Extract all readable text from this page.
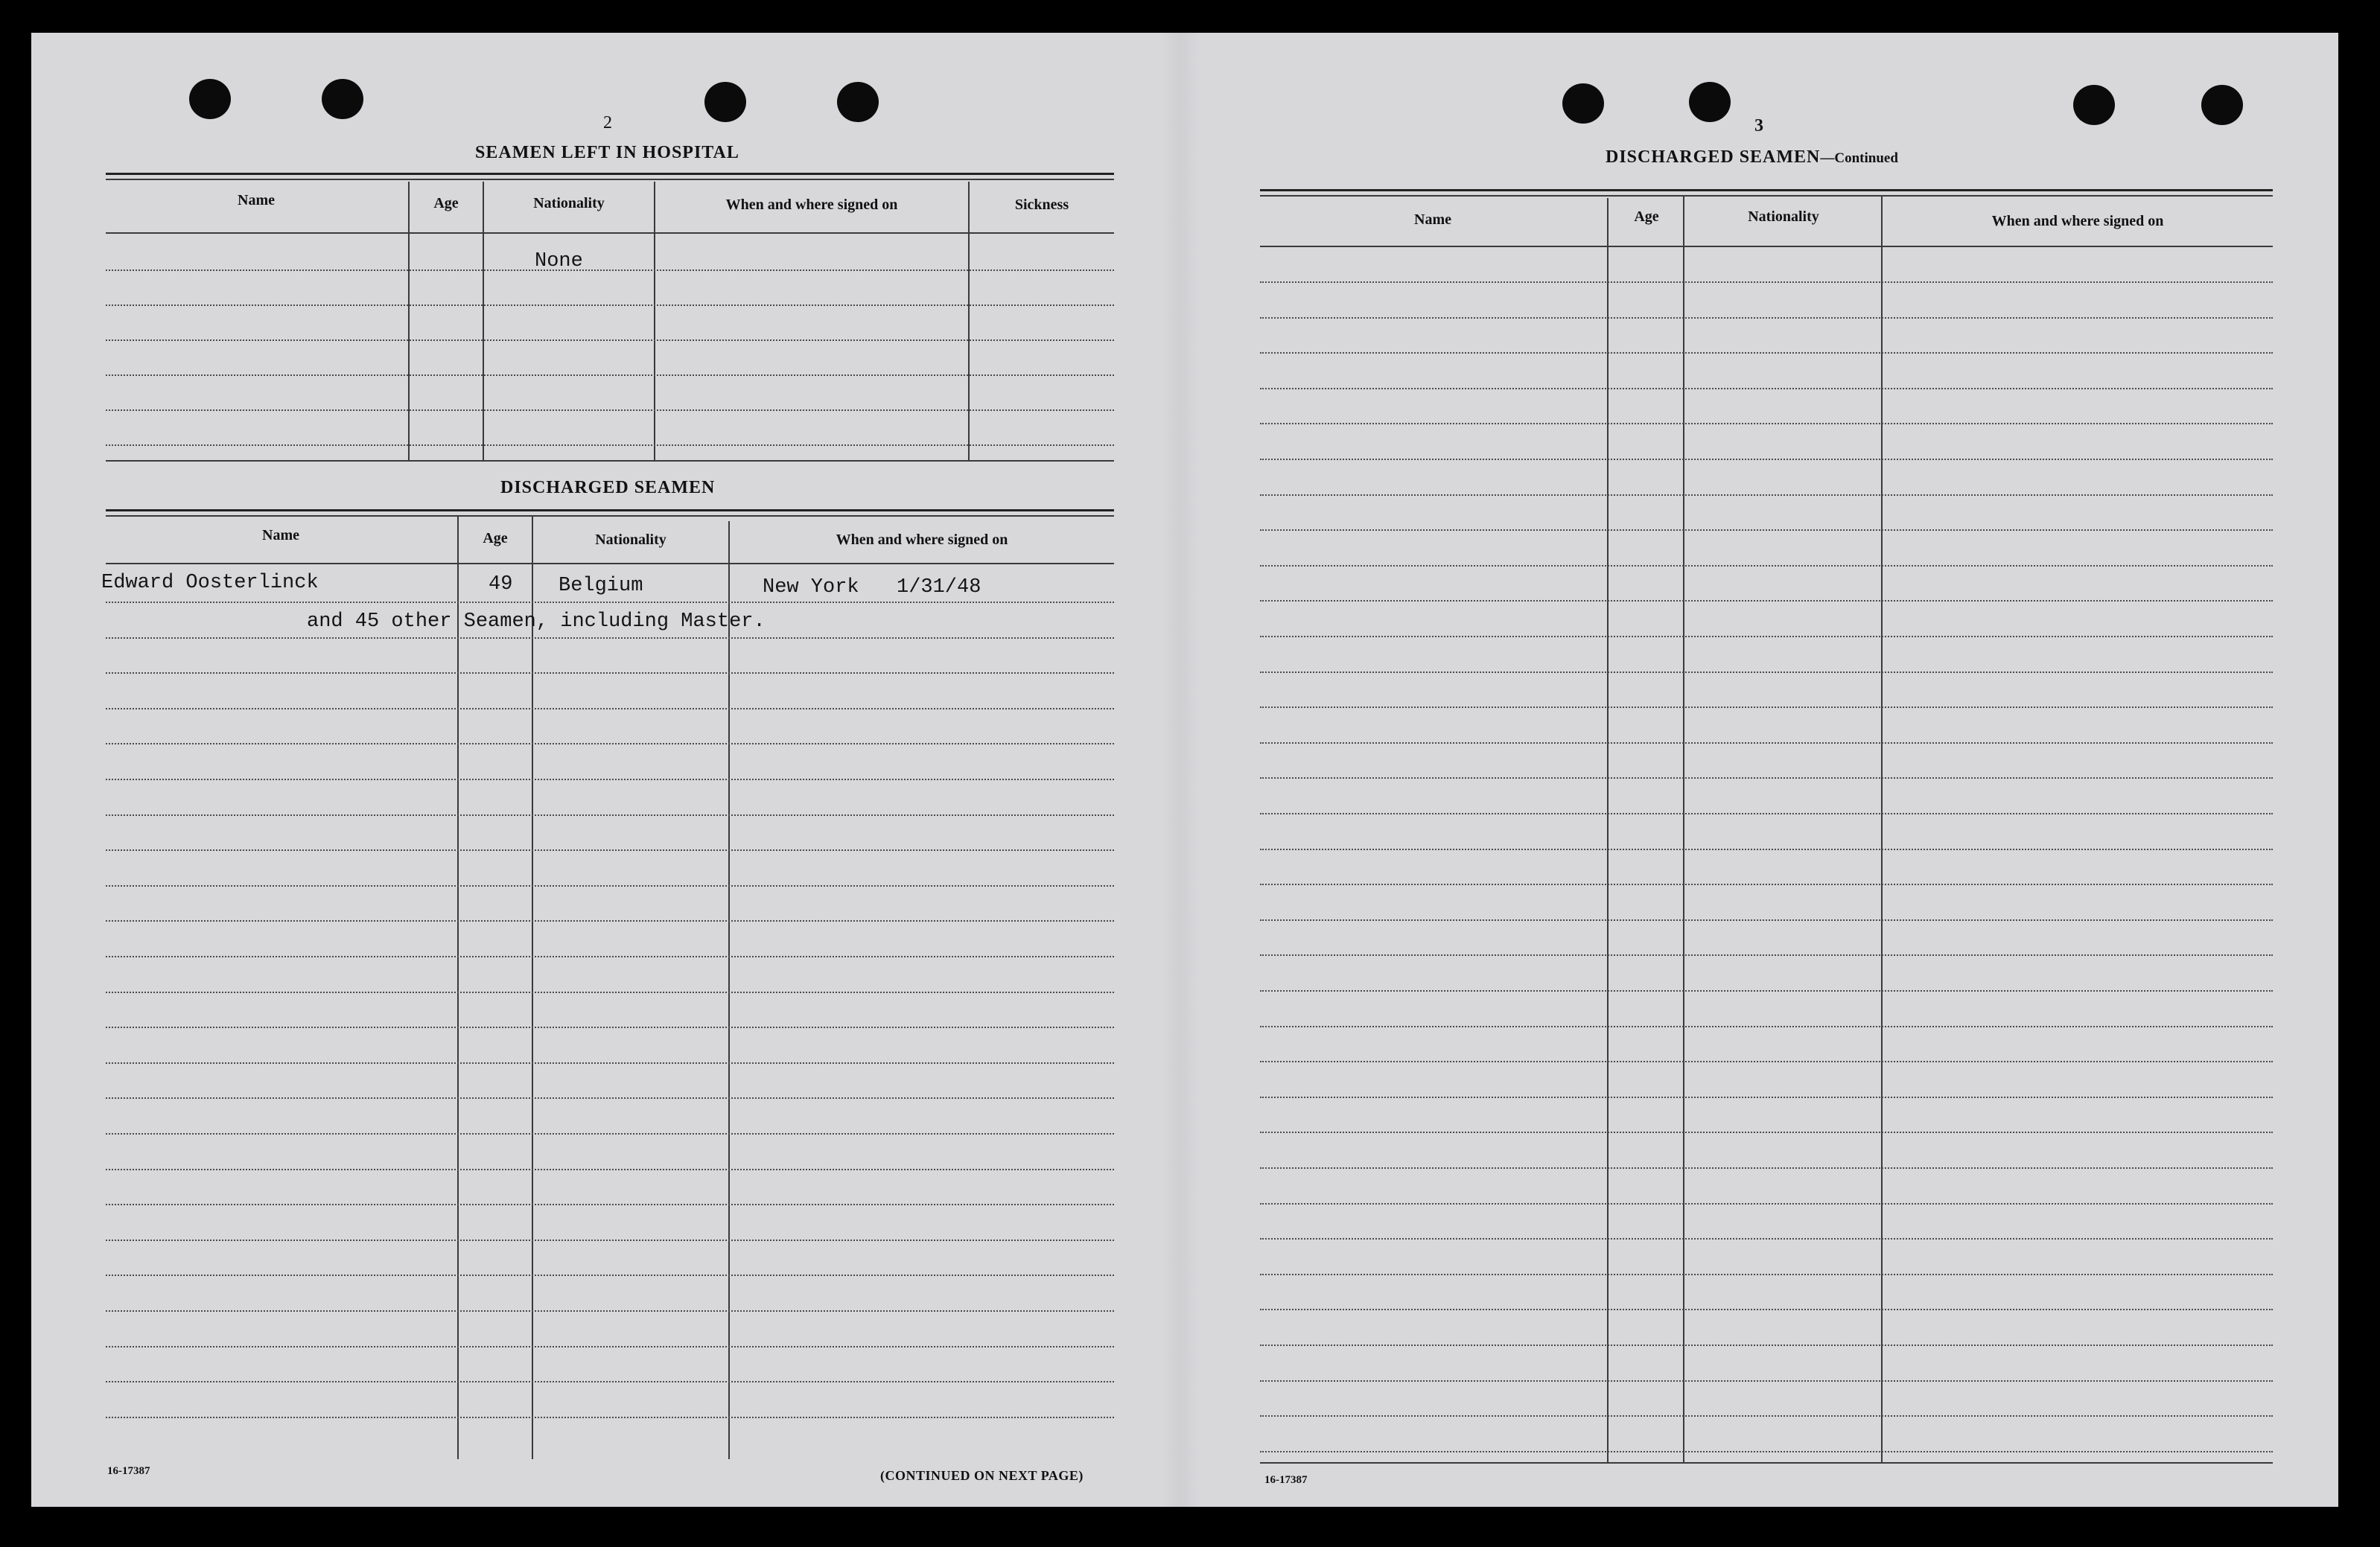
2
SEAMEN LEFT IN HOSPITAL
Name	Age	Nationality	When and where signed on	Sickness
None
DISCHARGED SEAMEN
Name	Age	Nationality	When and where signed on
Edward Oosterlinck	49 Belgium	New York 1/31/48
and 45 other Seamen, including Master.
16-17387	(CONTINUED ON NEXT PAGE)
3
DISCHARGED SEAMEN—Continued
Name	Age	Nationality	When and where signed on
16-17387
